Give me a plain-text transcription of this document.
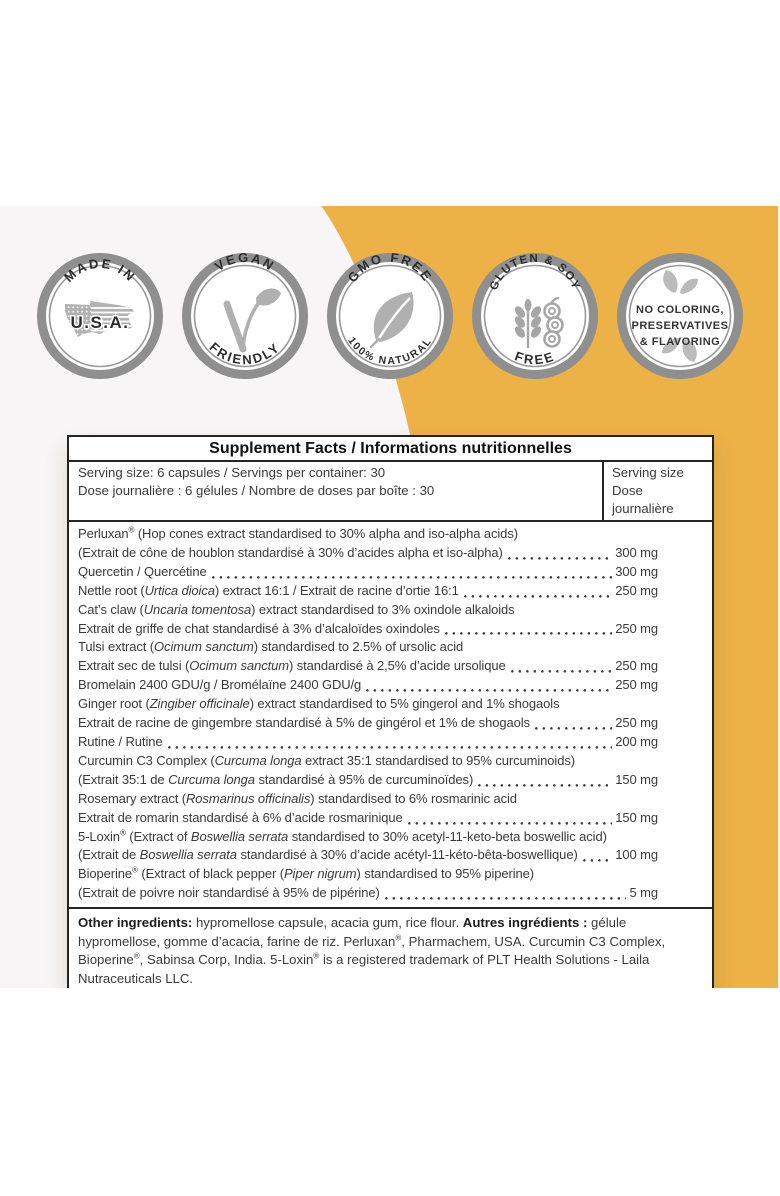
MADE IN
U.S.A.
VEGAN
FRIENDLY
GMO FREE
100% NATURAL
GLUTEN & SOY
FREE
NO COLORING,
PRESERVATIVES
& FLAVORING
Supplement Facts / Informations nutritionnelles
Serving size: 6 capsules / Servings per container: 30
Dose journalière : 6 gélules / Nombre de doses par boîte : 30
Serving size
Dose journalière
Perluxan® (Hop cones extract standardised to 30% alpha and iso-alpha acids)
(Extrait de cône de houblon standardisé à 30% d’acides alpha et iso-alpha)	300 mg
Quercetin / Quercétine	300 mg
Nettle root (Urtica dioica) extract 16:1 / Extrait de racine d’ortie 16:1	250 mg
Cat’s claw (Uncaria tomentosa) extract standardised to 3% oxindole alkaloids
Extrait de griffe de chat standardisé à 3% d’alcaloïdes oxindoles	250 mg
Tulsi extract (Ocimum sanctum) standardised to 2.5% of ursolic acid
Extrait sec de tulsi (Ocimum sanctum) standardisé à 2,5% d’acide ursolique	250 mg
Bromelain 2400 GDU/g / Bromélaïne 2400 GDU/g	250 mg
Ginger root (Zingiber officinale) extract standardised to 5% gingerol and 1% shogaols
Extrait de racine de gingembre standardisé à 5% de gingérol et 1% de shogaols	250 mg
Rutine / Rutine	200 mg
Curcumin C3 Complex (Curcuma longa extract 35:1 standardised to 95% curcuminoids)
(Extrait 35:1 de Curcuma longa standardisé à 95% de curcuminoïdes)	150 mg
Rosemary extract (Rosmarinus officinalis) standardised to 6% rosmarinic acid
Extrait de romarin standardisé à 6% d’acide rosmarinique	150 mg
5-Loxin® (Extract of Boswellia serrata standardised to 30% acetyl-11-keto-beta boswellic acid)
(Extrait de Boswellia serrata standardisé à 30% d’acide acétyl-11-kéto-bêta-boswellique)	100 mg
Bioperine® (Extract of black pepper (Piper nigrum) standardised to 95% piperine)
(Extrait de poivre noir standardisé à 95% de pipérine)	5 mg
Other ingredients: hypromellose capsule, acacia gum, rice flour. Autres ingrédients : gélule hypromellose, gomme d’acacia, farine de riz. Perluxan®, Pharmachem, USA. Curcumin C3 Complex, Bioperine®, Sabinsa Corp, India. 5-Loxin® is a registered trademark of PLT Health Solutions - Laila Nutraceuticals LLC.
